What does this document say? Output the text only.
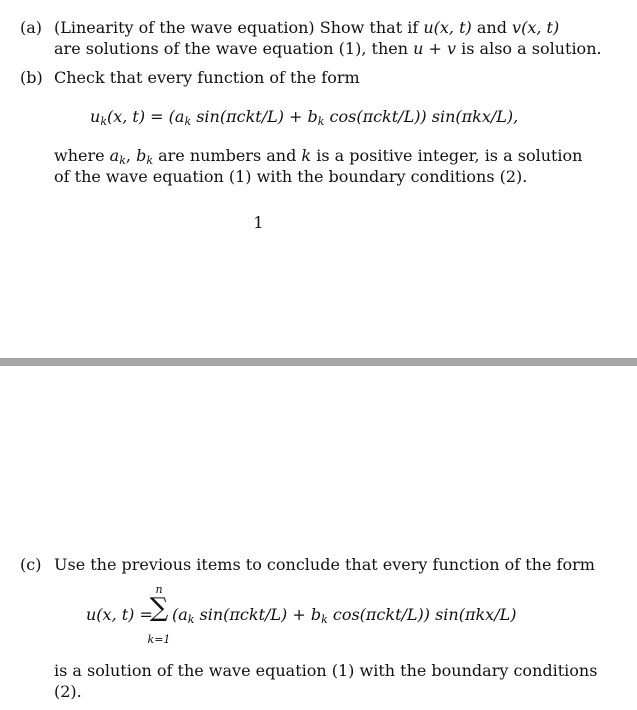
(a) (Linearity of the wave equation) Show that if u(x, t) and v(x, t)
are solutions of the wave equation (1), then u + v is also a solution.
(b) Check that every function of the form
$u_k(x$, $t) = (a_k$ $\sin(\pi ckt/L) + b_k$ cos(πckt/L)) sin(πkx/L),
where $a_k$, $b_k$ are numbers and k is a positive integer, is a solution
of the wave equation (1) with the boundary conditions (2).
1
(c) Use the previous items to conclude that every function of the form
u(x, t) =
n
∑
k=1
($a_k$ $\sin(\pi ckt/L) + b_k$ cos(πckt/L)) sin(πkx/L)
is a solution of the wave equation (1) with the boundary conditions
(2).
